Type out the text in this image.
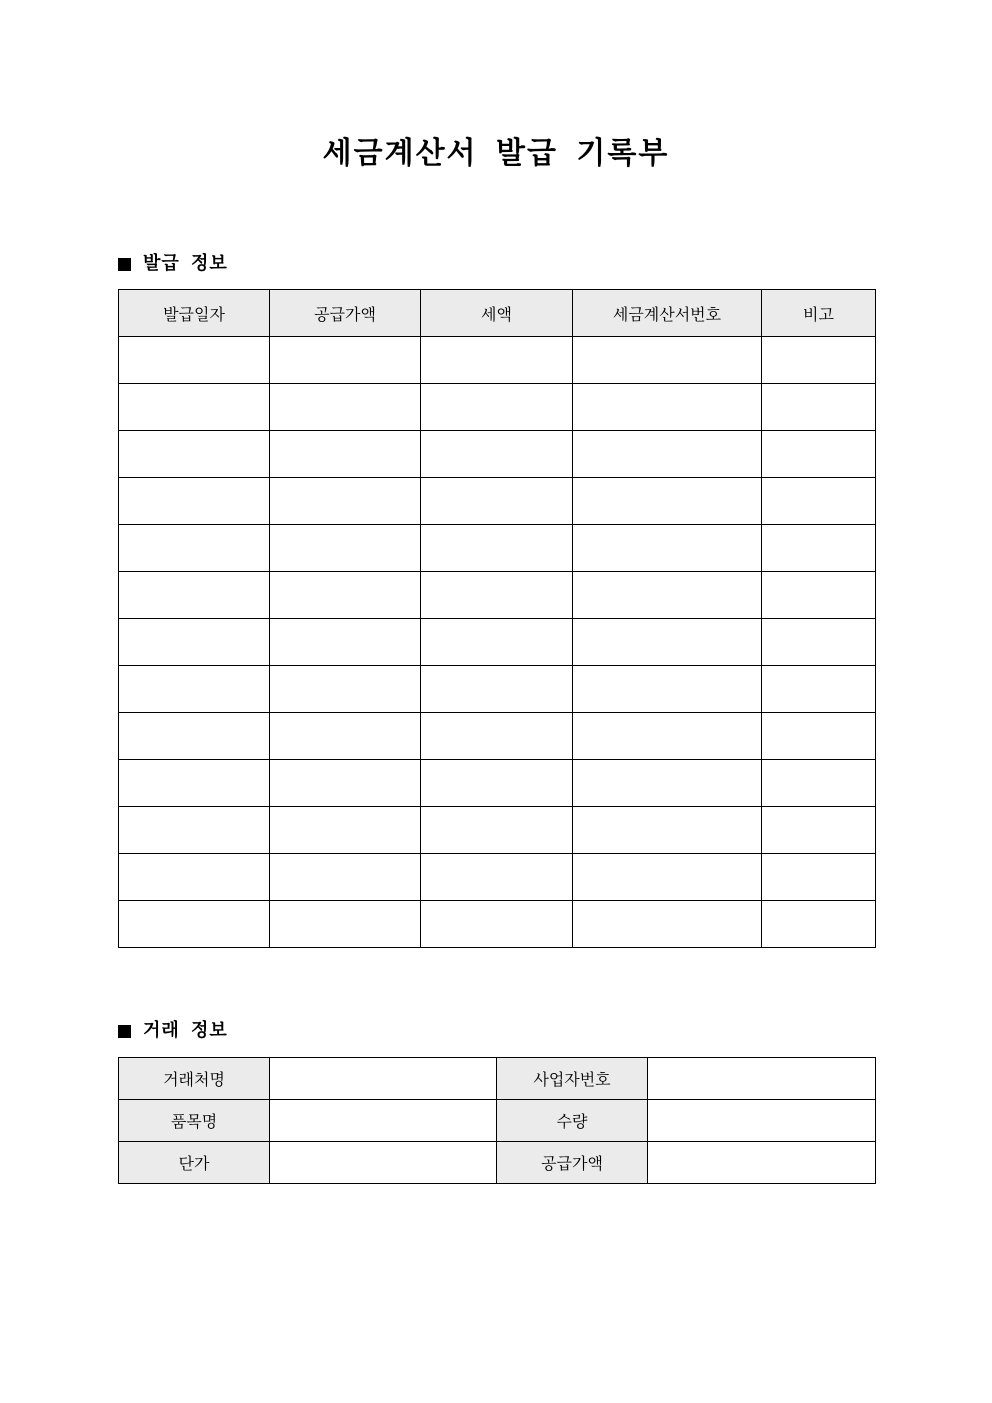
세금계산서 발급 기록부
발급 정보
발급일자	공급가액	세액	세금계산서번호	비고

거래 정보
거래처명		사업자번호	
품목명		수량	
단가		공급가액	
